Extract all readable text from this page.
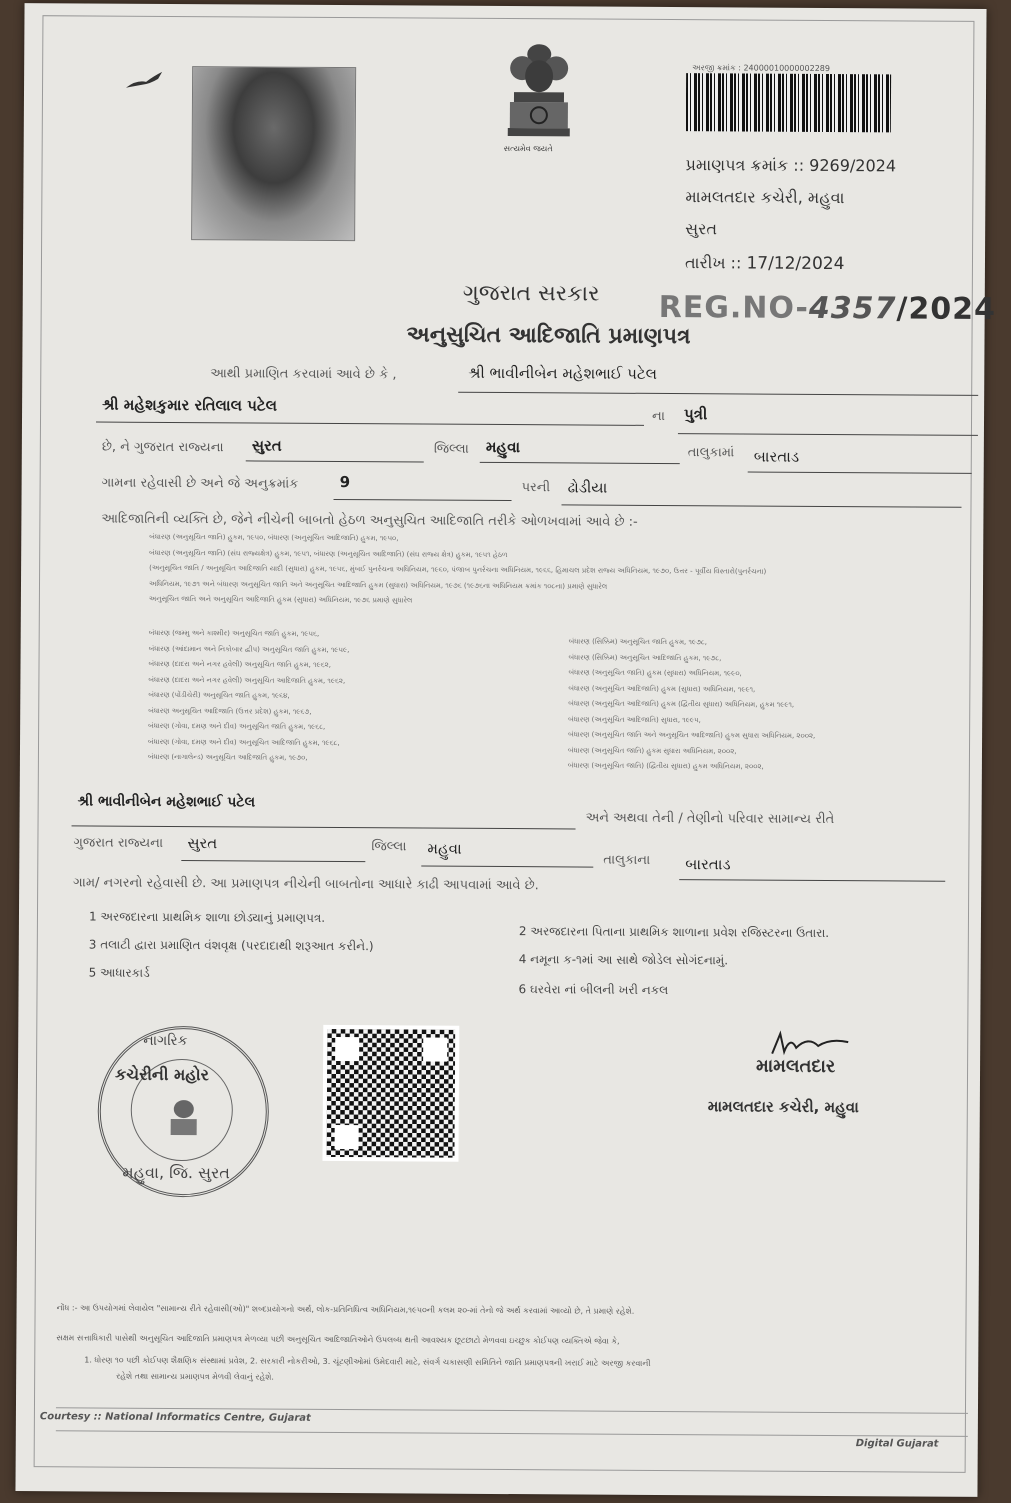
સત્યમેવ જયતે
અરજી ક્રમાંક : 24000010000002289
પ્રમાણપત્ર ક્રમાંક :: 9269/2024
મામલતદાર કચેરી, મહુવા
સુરત
તારીખ :: 17/12/2024
ગુજરાત સરકાર REG.NO-4357/2024
અનુસુચિત આદિજાતિ પ્રમાણપત્ર
આથી પ્રમાણિત કરવામાં આવે છે કે ,	શ્રી ભાવીનીબેન મહેશભાઈ પટેલ
શ્રી મહેશકુમાર રતિલાલ પટેલ
ના પુત્રી
છે, ને ગુજરાત રાજ્યના સુરત	જિલ્લા મહુવા	તાલુકામાં બારતાડ
ગામના રહેવાસી છે અને જે અનુક્રમાંક	9	પરની ઢોડીયા
આદિજાતિની વ્યક્તિ છે, જેને નીચેની બાબતો હેઠળ અનુસુચિત આદિજાતિ તરીકે ઓળખવામાં આવે છે :-
બંધારણ (અનુસૂચિત જાતિ) હુકમ, ૧૯૫૦, બંધારણ (અનુસૂચિત આદિજાતિ) હુકમ, ૧૯૫૦,
બંધારણ (અનુસૂચિત જાતિ) (સંઘ રાજ્યક્ષેત્ર) હુકમ, ૧૯૫૧, બંધારણ (અનુસૂચિત આદિજાતિ) (સંઘ રાજ્ય ક્ષેત્ર) હુકમ, ૧૯૫૧ હેઠળ
(અનુસૂચિત જાતિ / અનુસૂચિત આદિજાતિ યાદી (સુધારા) હુકમ, ૧૯૫૬, મુંબઈ પુનર્રચના અધિનિયમ, ૧૯૬૦, પંજાબ પુનર્રચના અધિનિયમ, ૧૯૬૬, હિમાચલ પ્રદેશ રાજ્ય અધિનિયમ, ૧૯૭૦, ઉત્તર - પૂર્વીય વિસ્તારો(પુનર્રચના)
અધિનિયમ, ૧૯૭૧ અને બંધારણ અનુસૂચિત જાતિ અને અનુસૂચિત આદિજાતિ હુકમ (સુધારા) અધિનિયમ, ૧૯૭૬ (૧૯૭૬ના અધિનિયમ ક્રમાંક ૧૦૮ના) પ્રમાણે સુધારેલ
અનુસૂચિત જાતિ અને અનુસૂચિત આદિજાતિ હુકમ (સુધારા) અધિનિયમ, ૧૯૭૬ પ્રમાણે સુધારેલ
બંધારણ (જમ્મુ અને કાશ્મીર) અનુસૂચિત જાતિ હુકમ, ૧૯૫૬,
બંધારણ (આંદામાન અને નિકોબાર દ્વીપ) અનુસૂચિત જાતિ હુકમ, ૧૯૫૯,
બંધારણ (દાદરા અને નગર હવેલી) અનુસૂચિત જાતિ હુકમ, ૧૯૬૨,
બંધારણ (દાદરા અને નગર હવેલી) અનુસૂચિત આદિજાતિ હુકમ, ૧૯૬૨,
બંધારણ (પોંડીચેરી) અનુસૂચિત જાતિ હુકમ, ૧૯૬૪,
બંધારણ અનુસૂચિત આદિજાતિ (ઉત્તર પ્રદેશ) હુકમ, ૧૯૬૭,
બંધારણ (ગોવા, દમણ અને દીવ) અનુસૂચિત જાતિ હુકમ, ૧૯૬૮,
બંધારણ (ગોવા, દમણ અને દીવ) અનુસૂચિત આદિજાતિ હુકમ, ૧૯૬૮,
બંધારણ (નાગાલેન્ડ) અનુસૂચિત આદિજાતિ હુકમ, ૧૯૭૦,
બંધારણ (સિક્કિમ) અનુસૂચિત જાતિ હુકમ, ૧૯૭૮,
બંધારણ (સિક્કિમ) અનુસૂચિત આદિજાતિ હુકમ, ૧૯૭૮,
બંધારણ (અનુસૂચિત જાતિ) હુકમ (સુધારા) અધિનિયમ, ૧૯૯૦,
બંધારણ (અનુસૂચિત આદિજાતિ) હુકમ (સુધારા) અધિનિયમ, ૧૯૯૧,
બંધારણ (અનુસૂચિત આદિજાતિ) હુકમ (દ્વિતીય સુધારા) અધિનિયમ, હુકમ ૧૯૯૧,
બંધારણ (અનુસૂચિત આદિજાતિ) સુધારા, ૧૯૯૫,
બંધારણ (અનુસૂચિત જાતિ અને અનુસૂચિત આદિજાતિ) હુકમ સુધારા અધિનિયમ, ૨૦૦૨,
બંધારણ (અનુસૂચિત જાતિ) હુકમ સુધારા અધિનિયમ, ૨૦૦૨,
બંધારણ (અનુસૂચિત જાતિ) (દ્વિતીય સુધારા) હુકમ અધિનિયમ, ૨૦૦૨,
શ્રી ભાવીનીબેન મહેશભાઈ પટેલ
અને અથવા તેની / તેણીનો પરિવાર સામાન્ય રીતે
ગુજરાત રાજ્યના સુરત	જિલ્લા મહુવા
તાલુકાના બારતાડ
ગામ/ નગરનો રહેવાસી છે. આ પ્રમાણપત્ર નીચેની બાબતોના આધારે કાઢી આપવામાં આવે છે.
1 અરજદારના પ્રાથમિક શાળા છોડ્યાનું પ્રમાણપત્ર.
2 અરજદારના પિતાના પ્રાથમિક શાળાના પ્રવેશ રજિસ્ટરના ઉતારા.
3 તલાટી દ્વારા પ્રમાણિત વંશવૃક્ષ (પરદાદાથી શરૂઆત કરીને.)
4 નમૂના ક-૧માં આ સાથે જોડેલ સોગંદનામું.
5 આધારકાર્ડ
6 ઘરવેરા નાં બીલની ખરી નકલ
નાગરિક
કચેરીની મહોર
મહુવા, જિ. સુરત
મામલતદાર
મામલતદાર કચેરી, મહુવા
નોંધ :- આ ઉપયોગમાં લેવાયેલ "સામાન્ય રીતે રહેવાસી(ઓ)" શબ્દપ્રયોગનો અર્થ, લોક-પ્રતિનિધિત્વ અધિનિયમ,૧૯૫૦ની કલમ ૨૦-માં તેનો જે અર્થ કરવામાં આવ્યો છે, તે પ્રમાણે રહેશે.
સક્ષમ સત્તાધિકારી પાસેથી અનુસૂચિત આદિજાતિ પ્રમાણપત્ર મેળવ્યા પછી અનુસૂચિત આદિજાતિઓને ઉપલબ્ધ થતી આવશ્યક છૂટછાટો મેળવવા ઇચ્છુક કોઈપણ વ્યક્તિએ જેવા કે,
1. ધોરણ ૧૦ પછી કોઈપણ શૈક્ષણિક સંસ્થામાં પ્રવેશ, 2. સરકારી નોકરીઓ, 3. ચૂંટણીઓમાં ઉમેદવારી માટે, સંવર્ગ ચકાસણી સમિતિને જાતિ પ્રમાણપત્રની ખરાઈ માટે અરજી કરવાની
રહેશે તથા સામાન્ય પ્રમાણપત્ર મેળવી લેવાનું રહેશે.
Courtesy :: National Informatics Centre, Gujarat
Digital Gujarat
